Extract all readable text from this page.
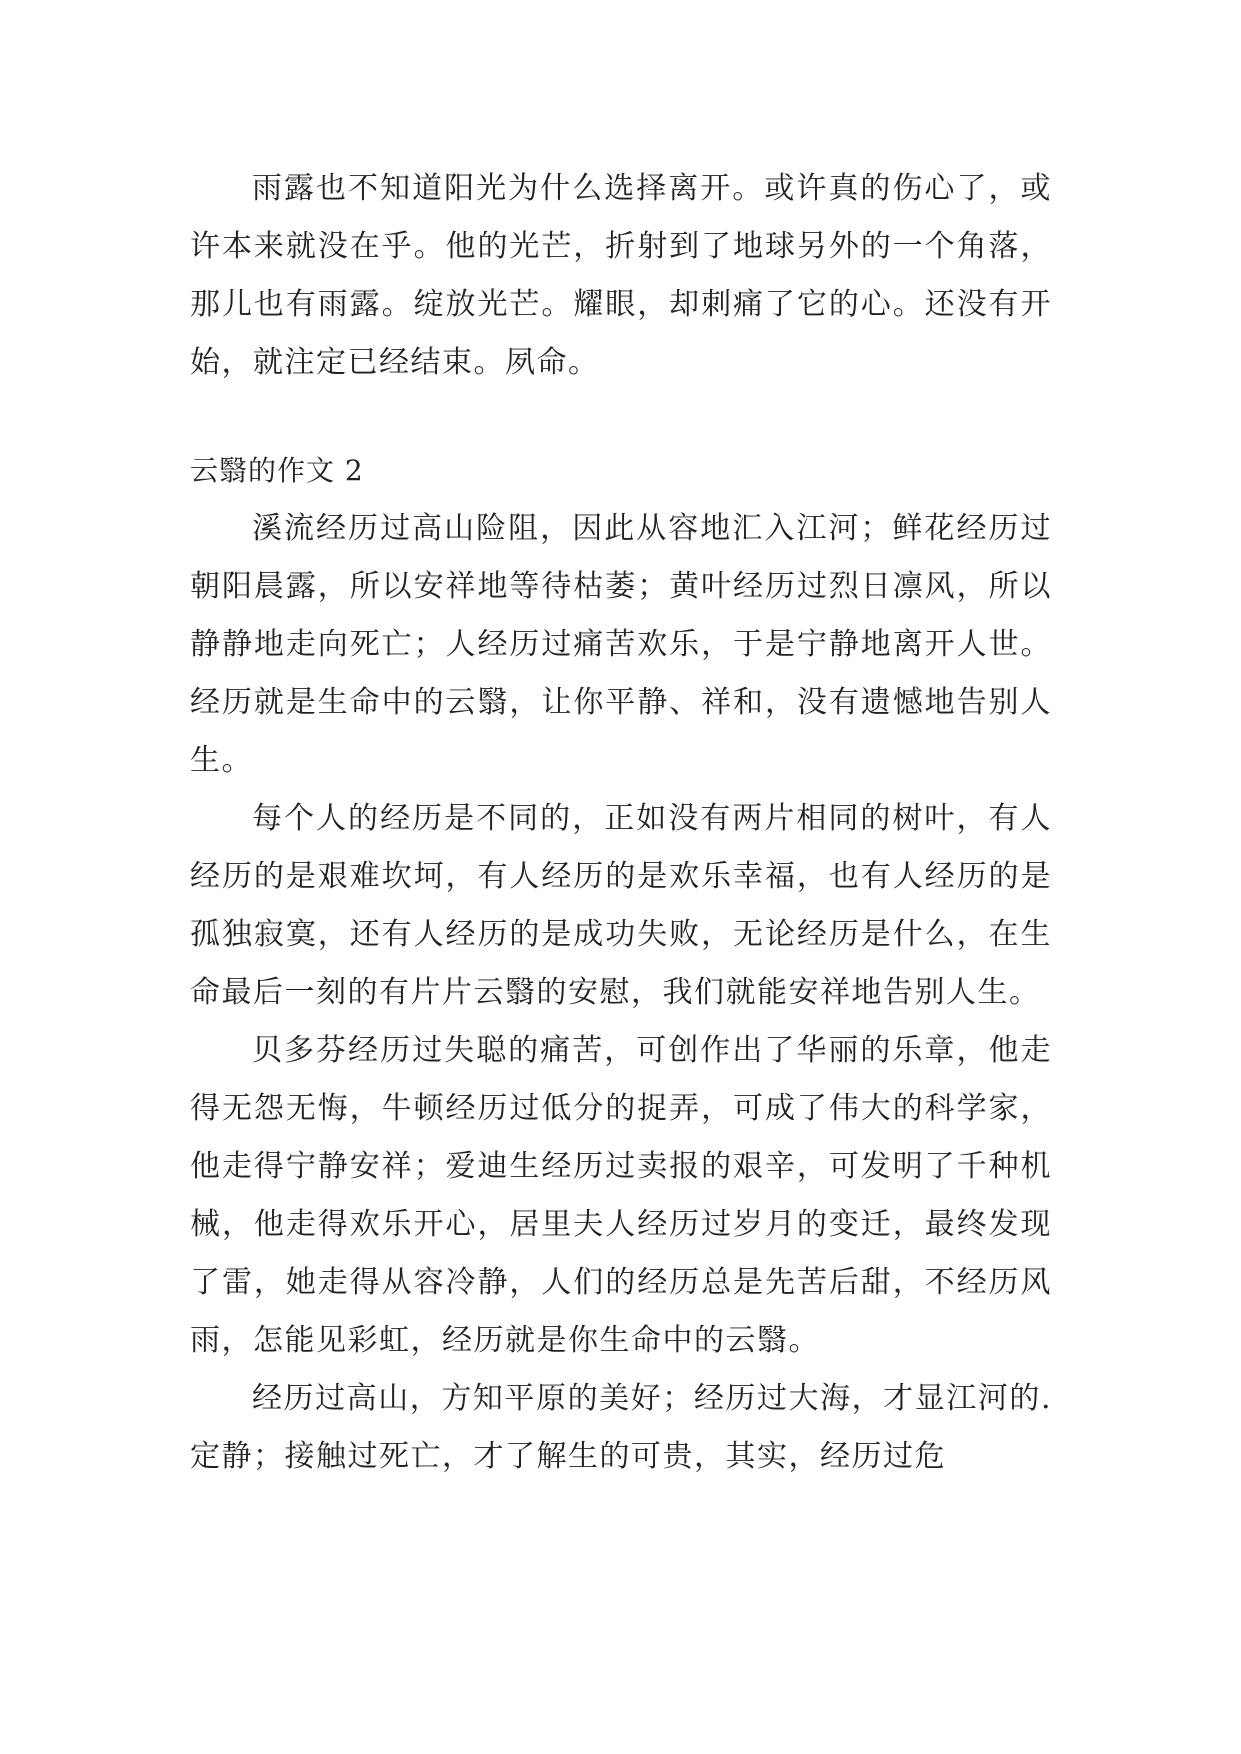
雨露也不知道阳光为什么选择离开。或许真的伤心了，或许本来就没在乎。他的光芒，折射到了地球另外的一个角落，那儿也有雨露。绽放光芒。耀眼，却刺痛了它的心。还没有开始，就注定已经结束。夙命。

云翳的作文 2

溪流经历过高山险阻，因此从容地汇入江河；鲜花经历过朝阳晨露，所以安祥地等待枯萎；黄叶经历过烈日凛风，所以静静地走向死亡；人经历过痛苦欢乐，于是宁静地离开人世。经历就是生命中的云翳，让你平静、祥和，没有遗憾地告别人生。

每个人的经历是不同的，正如没有两片相同的树叶，有人经历的是艰难坎坷，有人经历的是欢乐幸福，也有人经历的是孤独寂寞，还有人经历的是成功失败，无论经历是什么，在生命最后一刻的有片片云翳的安慰，我们就能安祥地告别人生。

贝多芬经历过失聪的痛苦，可创作出了华丽的乐章，他走得无怨无悔，牛顿经历过低分的捉弄，可成了伟大的科学家，他走得宁静安祥；爱迪生经历过卖报的艰辛，可发明了千种机械，他走得欢乐开心，居里夫人经历过岁月的变迁，最终发现了雷，她走得从容冷静，人们的经历总是先苦后甜，不经历风雨，怎能见彩虹，经历就是你生命中的云翳。

经历过高山，方知平原的美好；经历过大海，才显江河的.定静；接触过死亡，才了解生的可贵，其实，经历过危
